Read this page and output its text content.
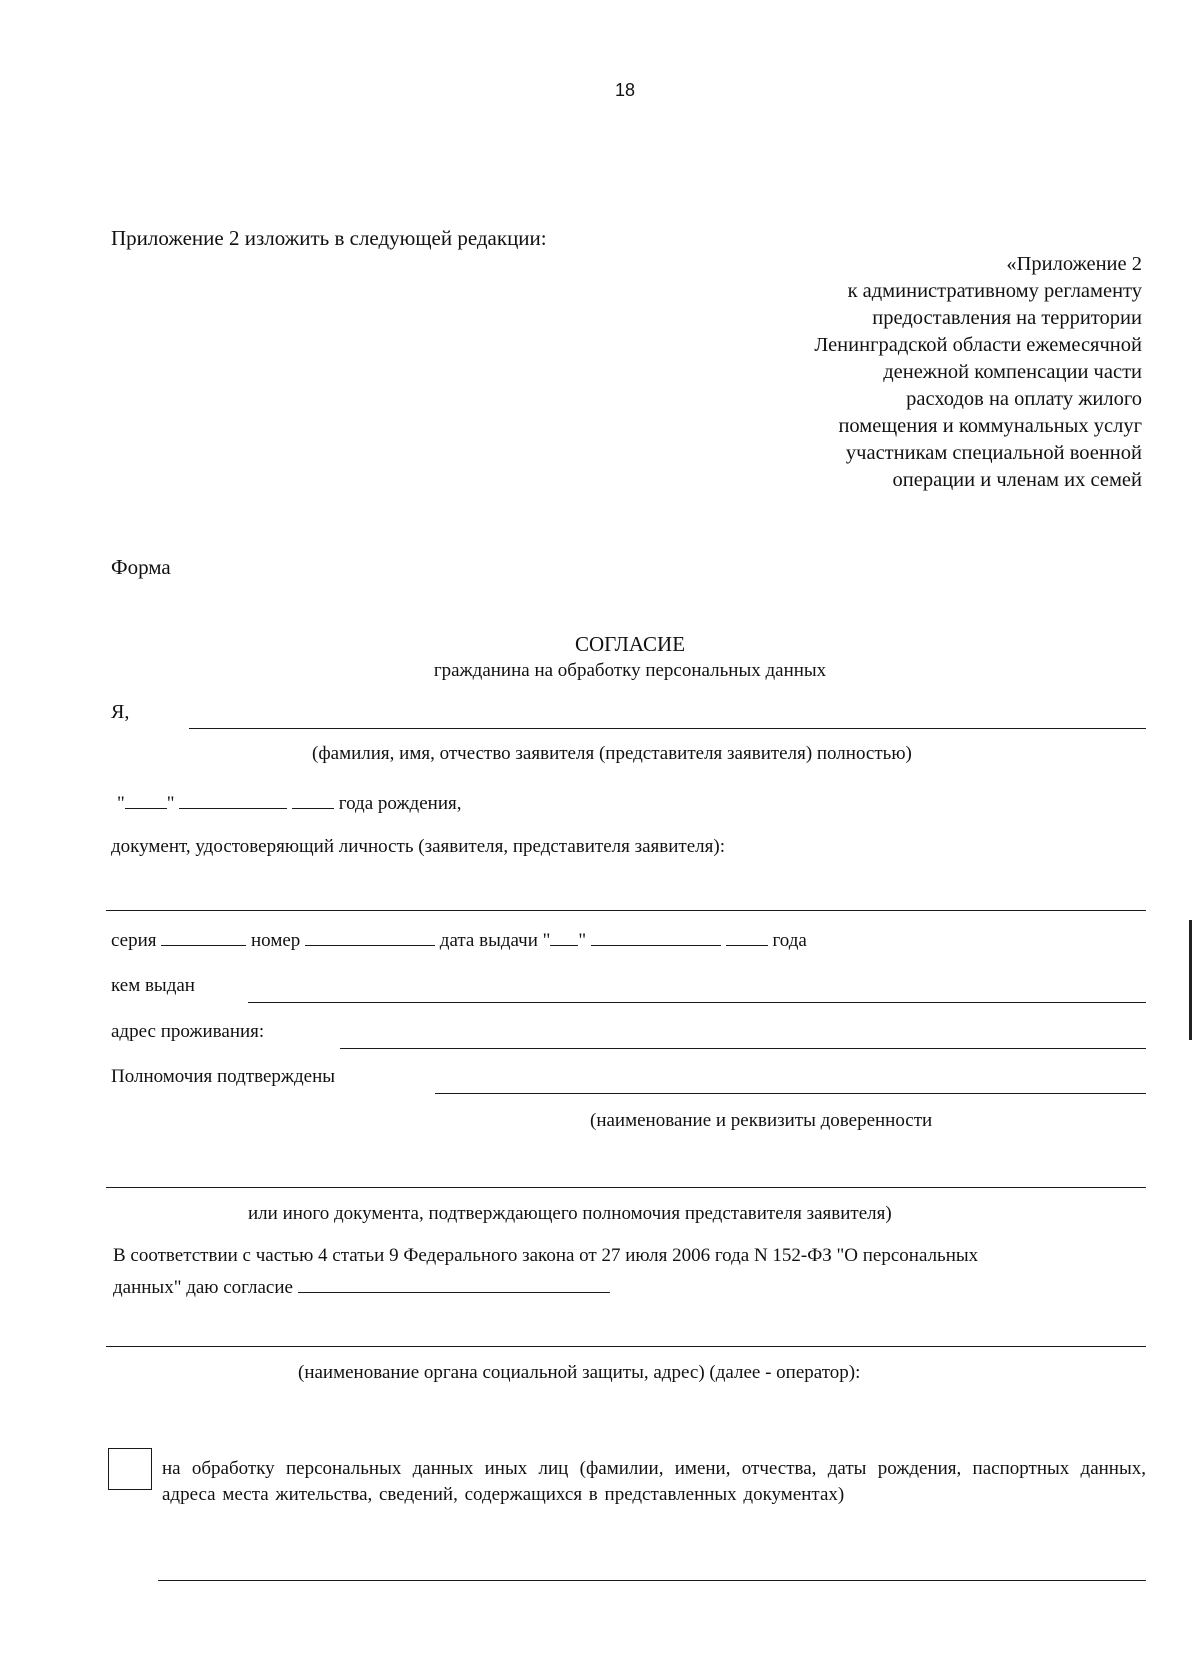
18
Приложение 2 изложить в следующей редакции:
«Приложение 2
к административному регламенту
предоставления на территории
Ленинградской области ежемесячной
денежной компенсации части
расходов на оплату жилого
помещения и коммунальных услуг
участникам специальной военной
операции и членам их семей
Форма
СОГЛАСИЕ
гражданина на обработку персональных данных
Я,
(фамилия, имя, отчество заявителя (представителя заявителя) полностью)
" "	года рождения,
документ, удостоверяющий личность (заявителя, представителя заявителя):
серия	номер	дата выдачи " "	года
кем выдан
адрес проживания:
Полномочия подтверждены
(наименование и реквизиты доверенности
или иного документа, подтверждающего полномочия представителя заявителя)
В соответствии с частью 4 статьи 9 Федерального закона от 27 июля 2006 года N 152-ФЗ "О персональных
данных" даю согласие
(наименование органа социальной защиты, адрес) (далее - оператор):
на обработку персональных данных иных лиц (фамилии, имени, отчества, даты рождения, паспортных данных, адреса места жительства, сведений, содержащихся в представленных документах)
